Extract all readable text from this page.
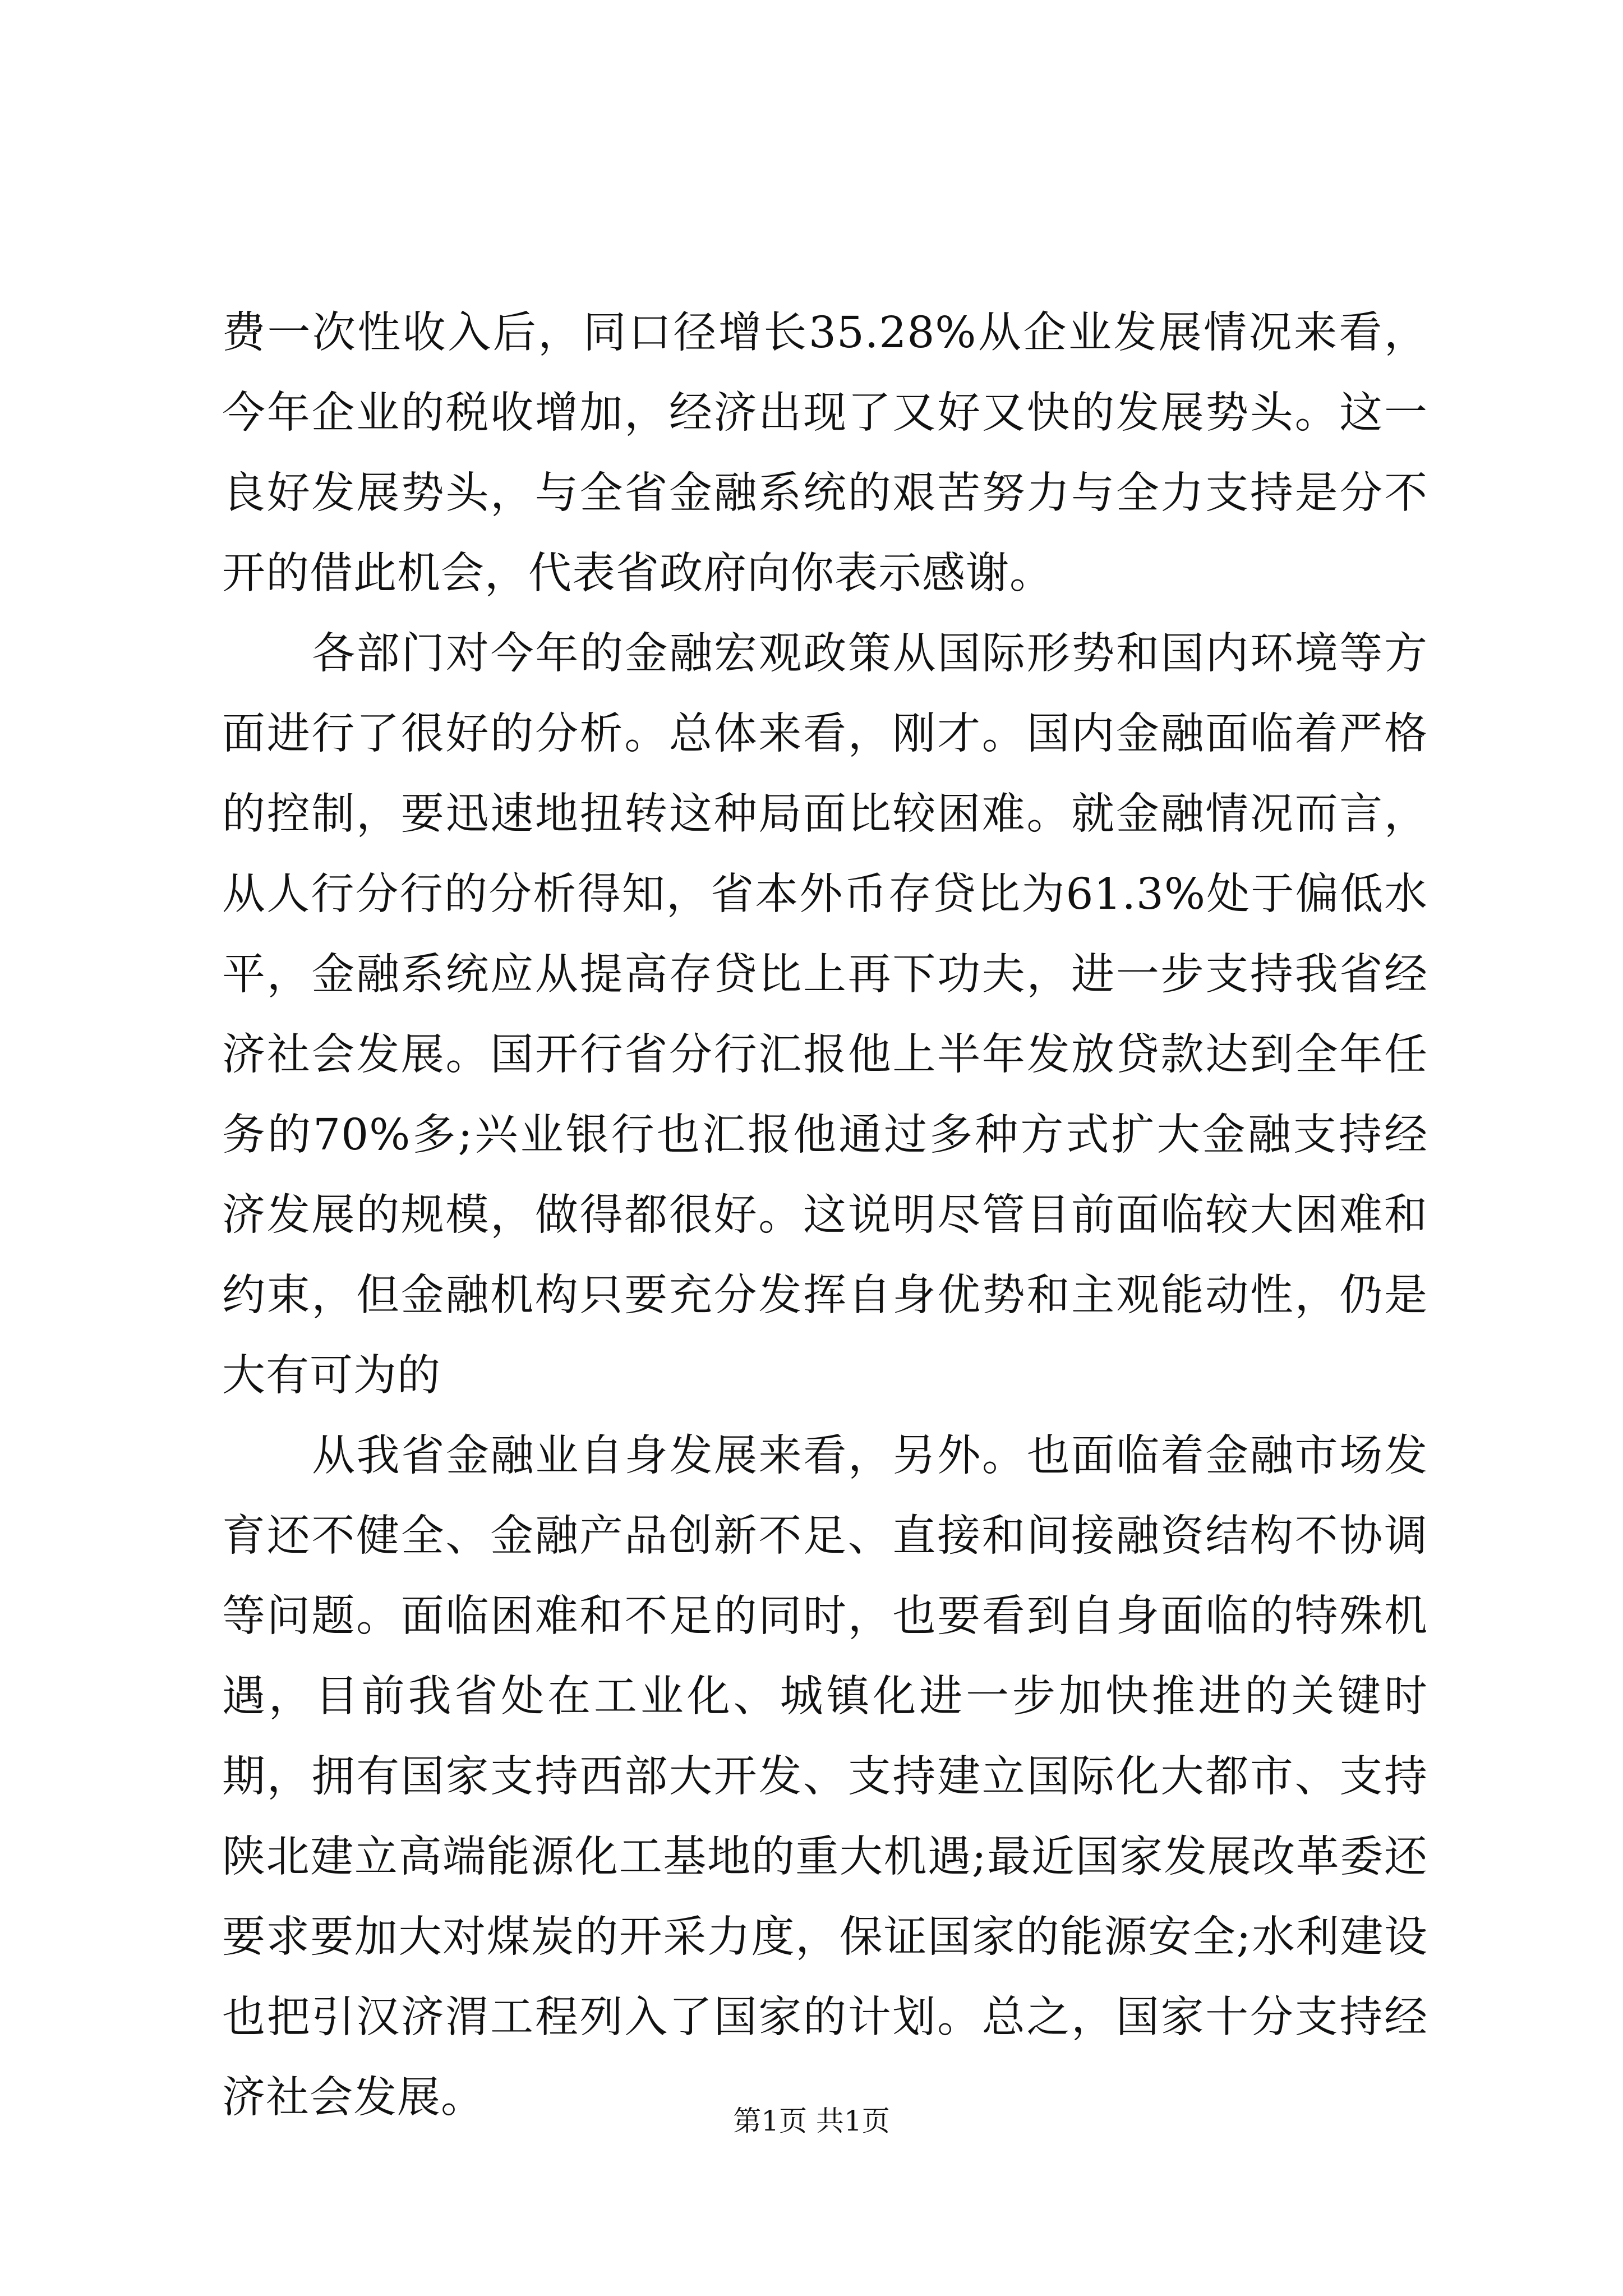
费一次性收入后，同口径增长35.28%从企业发展情况来看，今年企业的税收增加，经济出现了又好又快的发展势头。这一良好发展势头，与全省金融系统的艰苦努力与全力支持是分不开的借此机会，代表省政府向你表示感谢。

各部门对今年的金融宏观政策从国际形势和国内环境等方面进行了很好的分析。总体来看，刚才。国内金融面临着严格的控制，要迅速地扭转这种局面比较困难。就金融情况而言，从人行分行的分析得知，省本外币存贷比为61.3%处于偏低水平，金融系统应从提高存贷比上再下功夫，进一步支持我省经济社会发展。国开行省分行汇报他上半年发放贷款达到全年任务的70%多;兴业银行也汇报他通过多种方式扩大金融支持经济发展的规模，做得都很好。这说明尽管目前面临较大困难和约束，但金融机构只要充分发挥自身优势和主观能动性，仍是大有可为的

从我省金融业自身发展来看，另外。也面临着金融市场发育还不健全、金融产品创新不足、直接和间接融资结构不协调等问题。面临困难和不足的同时，也要看到自身面临的特殊机遇，目前我省处在工业化、城镇化进一步加快推进的关键时期，拥有国家支持西部大开发、支持建立国际化大都市、支持陕北建立高端能源化工基地的重大机遇;最近国家发展改革委还要求要加大对煤炭的开采力度，保证国家的能源安全;水利建设也把引汉济渭工程列入了国家的计划。总之，国家十分支持经济社会发展。	第1页 共1页
